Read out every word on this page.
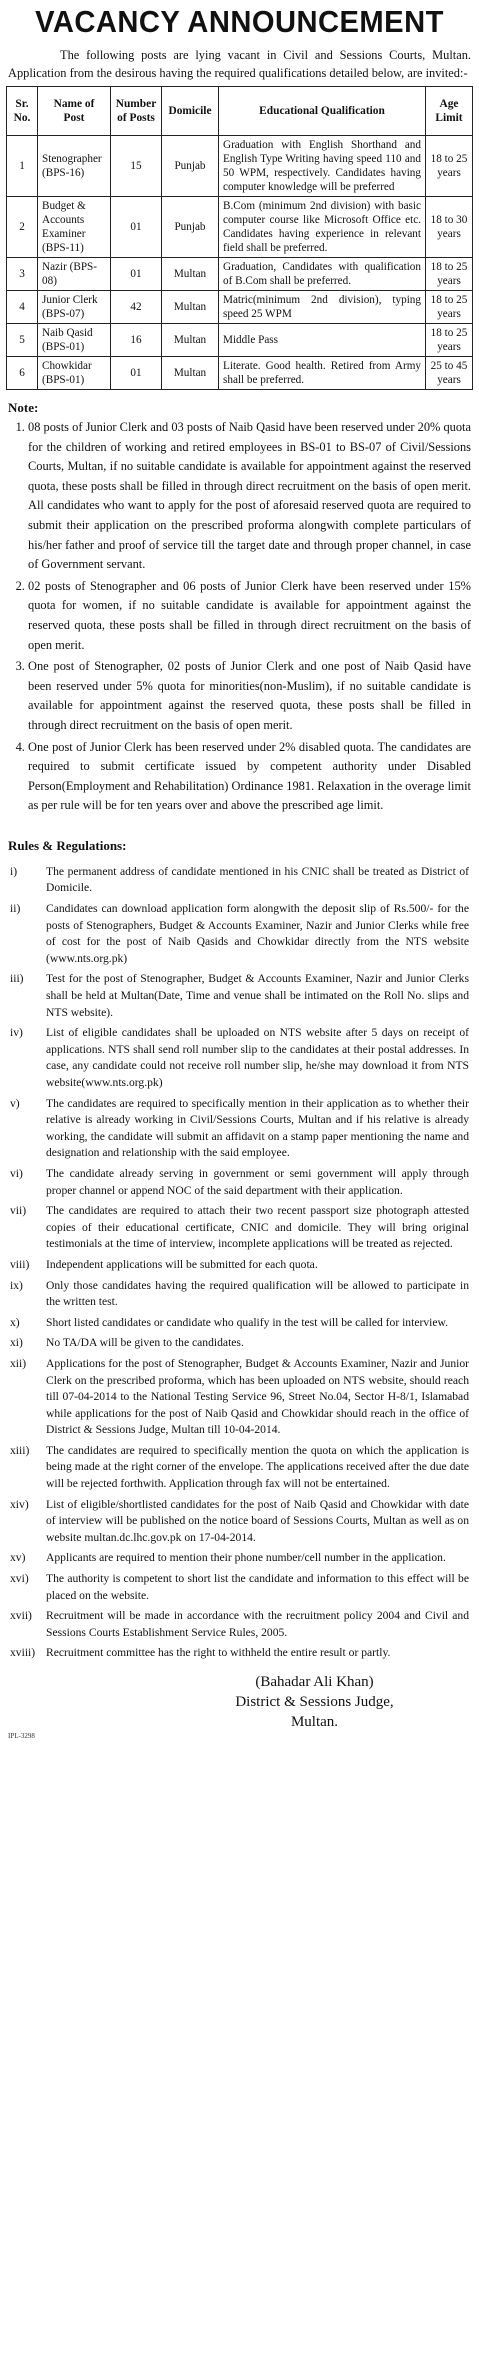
VACANCY ANNOUNCEMENT

The following posts are lying vacant in Civil and Sessions Courts, Multan. Application from the desirous having the required qualifications detailed below, are invited:-

Sr. No.	Name of Post	Number of Posts	Domicile	Educational Qualification	Age Limit
1	Stenographer (BPS-16)	15	Punjab	Graduation with English Shorthand and English Type Writing having speed 110 and 50 WPM, respectively. Candidates having computer knowledge will be preferred	18 to 25 years
2	Budget & Accounts Examiner (BPS-11)	01	Punjab	B.Com (minimum 2nd division) with basic computer course like Microsoft Office etc. Candidates having experience in relevant field shall be preferred.	18 to 30 years
3	Nazir (BPS-08)	01	Multan	Graduation, Candidates with qualification of B.Com shall be preferred.	18 to 25 years
4	Junior Clerk (BPS-07)	42	Multan	Matric(minimum 2nd division), typing speed 25 WPM	18 to 25 years
5	Naib Qasid (BPS-01)	16	Multan	Middle Pass	18 to 25 years
6	Chowkidar (BPS-01)	01	Multan	Literate. Good health. Retired from Army shall be preferred.	25 to 45 years
Note:
1. 08 posts of Junior Clerk and 03 posts of Naib Qasid have been reserved under 20% quota for the children of working and retired employees in BS-01 to BS-07 of Civil/Sessions Courts, Multan, if no suitable candidate is available for appointment against the reserved quota, these posts shall be filled in through direct recruitment on the basis of open merit. All candidates who want to apply for the post of aforesaid reserved quota are required to submit their application on the prescribed proforma alongwith complete particulars of his/her father and proof of service till the target date and through proper channel, in case of Government servant.
2. 02 posts of Stenographer and 06 posts of Junior Clerk have been reserved under 15% quota for women, if no suitable candidate is available for appointment against the reserved quota, these posts shall be filled in through direct recruitment on the basis of open merit.
3. One post of Stenographer, 02 posts of Junior Clerk and one post of Naib Qasid have been reserved under 5% quota for minorities(non-Muslim), if no suitable candidate is available for appointment against the reserved quota, these posts shall be filled in through direct recruitment on the basis of open merit.
4. One post of Junior Clerk has been reserved under 2% disabled quota. The candidates are required to submit certificate issued by competent authority under Disabled Person(Employment and Rehabilitation) Ordinance 1981. Relaxation in the overage limit as per rule will be for ten years over and above the prescribed age limit.
Rules & Regulations:
i)	The permanent address of candidate mentioned in his CNIC shall be treated as District of Domicile.
ii)	Candidates can download application form alongwith the deposit slip of Rs.500/- for the posts of Stenographers, Budget & Accounts Examiner, Nazir and Junior Clerks while free of cost for the post of Naib Qasids and Chowkidar directly from the NTS website (www.nts.org.pk)
iii)	Test for the post of Stenographer, Budget & Accounts Examiner, Nazir and Junior Clerks shall be held at Multan(Date, Time and venue shall be intimated on the Roll No. slips and NTS website).
iv)	List of eligible candidates shall be uploaded on NTS website after 5 days on receipt of applications. NTS shall send roll number slip to the candidates at their postal addresses. In case, any candidate could not receive roll number slip, he/she may download it from NTS website(www.nts.org.pk)
v)	The candidates are required to specifically mention in their application as to whether their relative is already working in Civil/Sessions Courts, Multan and if his relative is already working, the candidate will submit an affidavit on a stamp paper mentioning the name and designation and relationship with the said employee.
vi)	The candidate already serving in government or semi government will apply through proper channel or append NOC of the said department with their application.
vii)	The candidates are required to attach their two recent passport size photograph attested copies of their educational certificate, CNIC and domicile. They will bring original testimonials at the time of interview, incomplete applications will be treated as rejected.
viii)	Independent applications will be submitted for each quota.
ix)	Only those candidates having the required qualification will be allowed to participate in the written test.
x)	Short listed candidates or candidate who qualify in the test will be called for interview.
xi)	No TA/DA will be given to the candidates.
xii)	Applications for the post of Stenographer, Budget & Accounts Examiner, Nazir and Junior Clerk on the prescribed proforma, which has been uploaded on NTS website, should reach till 07-04-2014 to the National Testing Service 96, Street No.04, Sector H-8/1, Islamabad while applications for the post of Naib Qasid and Chowkidar should reach in the office of District & Sessions Judge, Multan till 10-04-2014.
xiii)	The candidates are required to specifically mention the quota on which the application is being made at the right corner of the envelope. The applications received after the due date will be rejected forthwith. Application through fax will not be entertained.
xiv)	List of eligible/shortlisted candidates for the post of Naib Qasid and Chowkidar with date of interview will be published on the notice board of Sessions Courts, Multan as well as on website multan.dc.lhc.gov.pk on 17-04-2014.
xv)	Applicants are required to mention their phone number/cell number in the application.
xvi)	The authority is competent to short list the candidate and information to this effect will be placed on the website.
xvii)	Recruitment will be made in accordance with the recruitment policy 2004 and Civil and Sessions Courts Establishment Service Rules, 2005.
xviii) Recruitment committee has the right to withheld the entire result or partly.
(Bahadar Ali Khan)
District & Sessions Judge,
Multan.
IPL-3298
